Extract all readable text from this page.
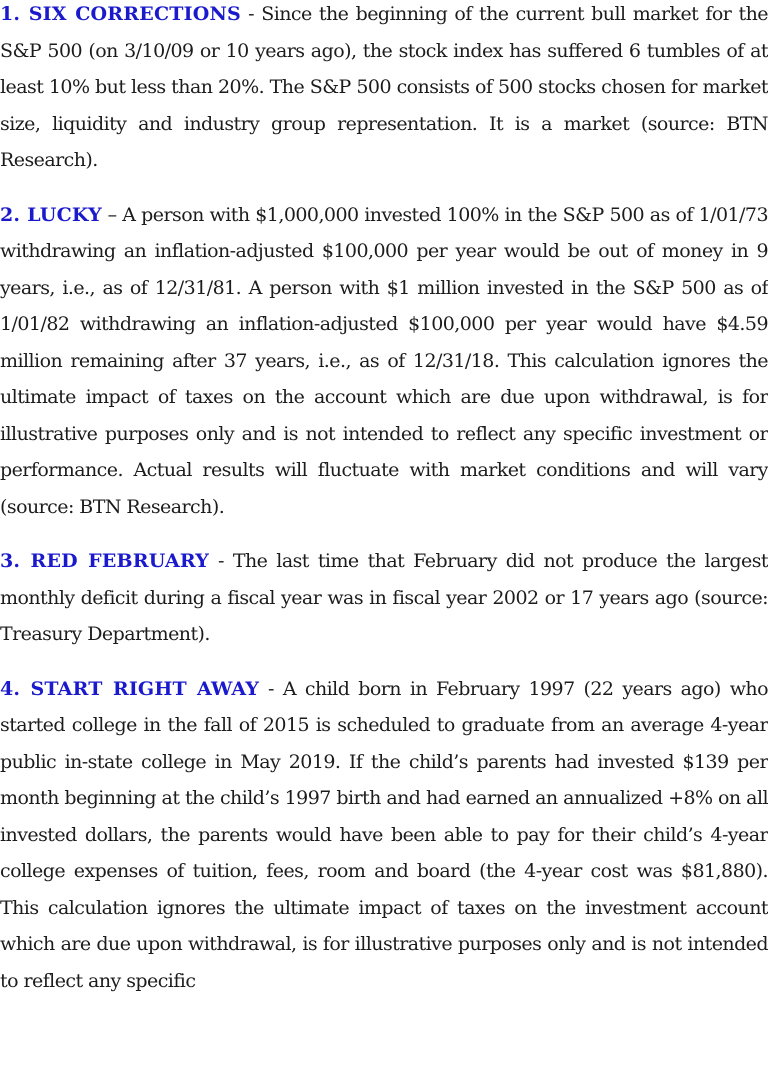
1. SIX CORRECTIONS - Since the beginning of the current bull market for the S&P 500 (on 3/10/09 or 10 years ago), the stock index has suffered 6 tumbles of at least 10% but less than 20%. The S&P 500 consists of 500 stocks chosen for market size, liquidity and industry group representation. It is a market (source: BTN Research).

2. LUCKY – A person with $1,000,000 invested 100% in the S&P 500 as of 1/01/73 withdrawing an inflation-adjusted $100,000 per year would be out of money in 9 years, i.e., as of 12/31/81. A person with $1 million invested in the S&P 500 as of 1/01/82 withdrawing an inflation-adjusted $100,000 per year would have $4.59 million remaining after 37 years, i.e., as of 12/31/18. This calculation ignores the ultimate impact of taxes on the account which are due upon withdrawal, is for illustrative purposes only and is not intended to reflect any specific investment or performance. Actual results will fluctuate with market conditions and will vary (source: BTN Research).

3. RED FEBRUARY - The last time that February did not produce the largest monthly deficit during a fiscal year was in fiscal year 2002 or 17 years ago (source: Treasury Department).

4. START RIGHT AWAY - A child born in February 1997 (22 years ago) who started college in the fall of 2015 is scheduled to graduate from an average 4-year public in-state college in May 2019. If the child’s parents had invested $139 per month beginning at the child’s 1997 birth and had earned an annualized +8% on all invested dollars, the parents would have been able to pay for their child’s 4-year college expenses of tuition, fees, room and board (the 4-year cost was $81,880). This calculation ignores the ultimate impact of taxes on the investment account which are due upon withdrawal, is for illustrative purposes only and is not intended to reflect any specific
